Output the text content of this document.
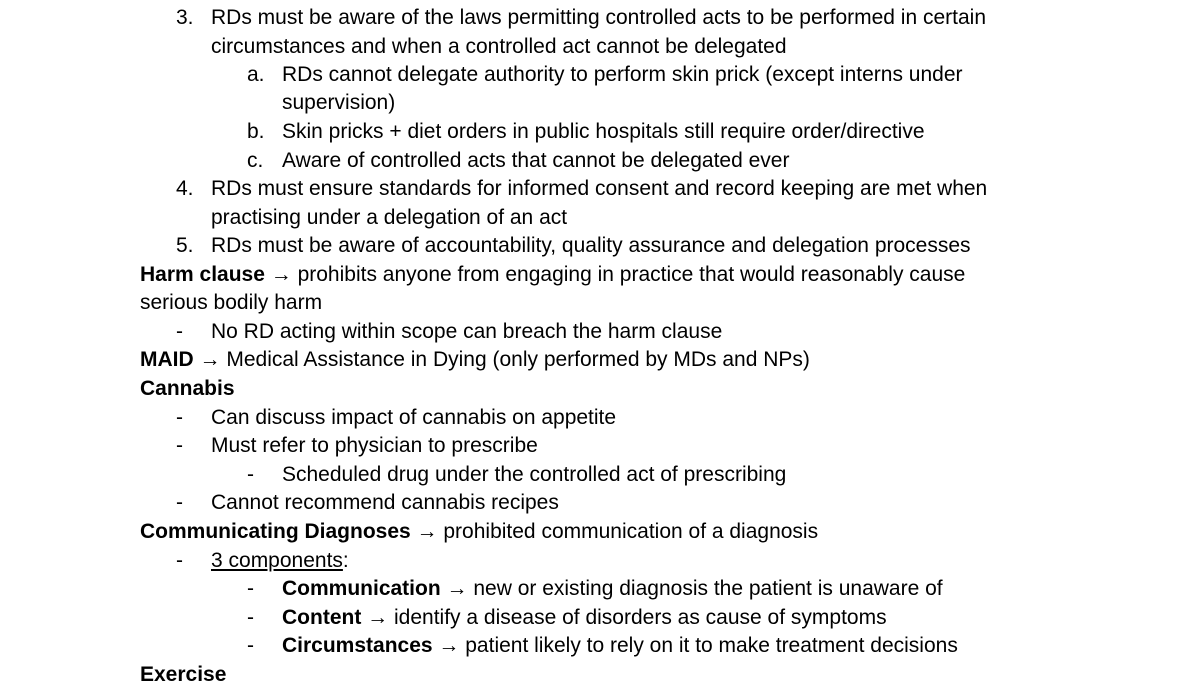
3. RDs must be aware of the laws permitting controlled acts to be performed in certain
circumstances and when a controlled act cannot be delegated
a. RDs cannot delegate authority to perform skin prick (except interns under
supervision)
b. Skin pricks + diet orders in public hospitals still require order/directive
c. Aware of controlled acts that cannot be delegated ever
4. RDs must ensure standards for informed consent and record keeping are met when
practising under a delegation of an act
5. RDs must be aware of accountability, quality assurance and delegation processes
Harm clause → prohibits anyone from engaging in practice that would reasonably cause
serious bodily harm
- No RD acting within scope can breach the harm clause
MAID → Medical Assistance in Dying (only performed by MDs and NPs)
Cannabis
- Can discuss impact of cannabis on appetite
- Must refer to physician to prescribe
- Scheduled drug under the controlled act of prescribing
- Cannot recommend cannabis recipes
Communicating Diagnoses → prohibited communication of a diagnosis
- 3 components:
- Communication → new or existing diagnosis the patient is unaware of
- Content → identify a disease of disorders as cause of symptoms
- Circumstances → patient likely to rely on it to make treatment decisions
Exercise
